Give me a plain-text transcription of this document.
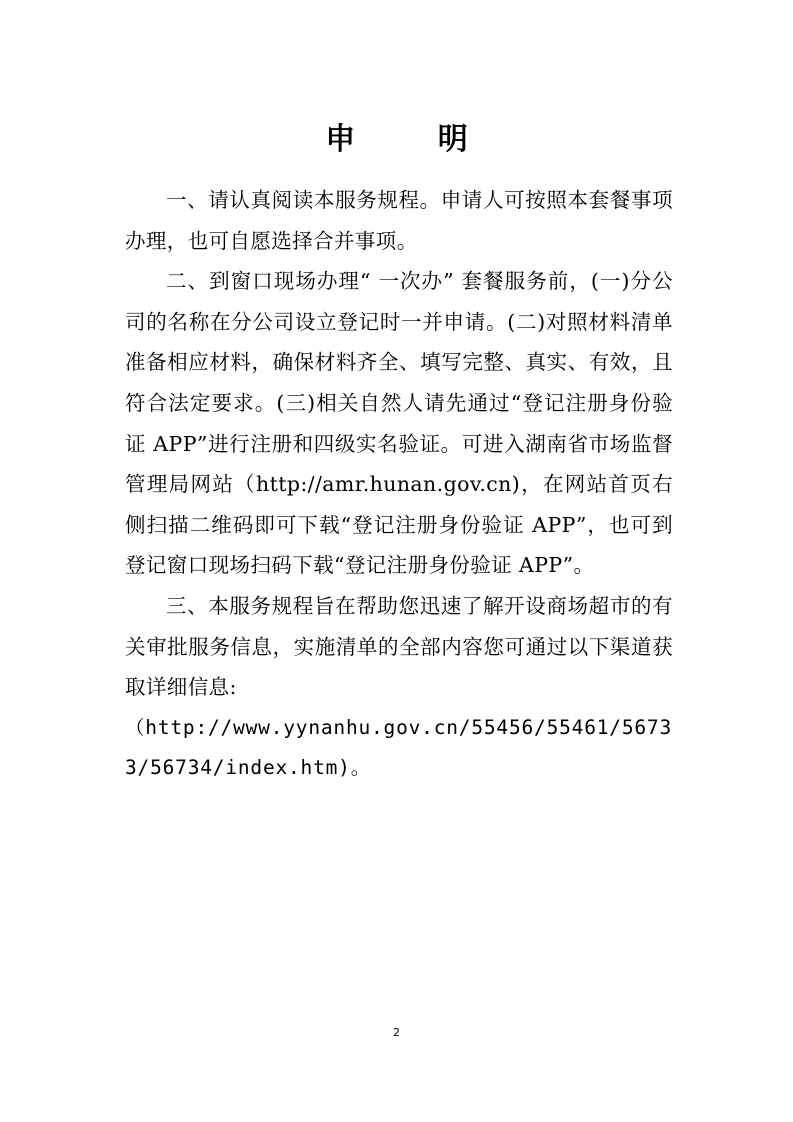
申 明

一、请认真阅读本服务规程。申请人可按照本套餐事项办理，也可自愿选择合并事项。

二、到窗口现场办理“ 一次办” 套餐服务前，(一)分公司的名称在分公司设立登记时一并申请。(二)对照材料清单准备相应材料，确保材料齐全、填写完整、真实、有效，且符合法定要求。(三)相关自然人请先通过“登记注册身份验证 APP”进行注册和四级实名验证。可进入湖南省市场监督管理局网站（http://amr.hunan.gov.cn)，在网站首页右侧扫描二维码即可下载“登记注册身份验证 APP”，也可到登记窗口现场扫码下载“登记注册身份验证 APP”。

三、本服务规程旨在帮助您迅速了解开设商场超市的有关审批服务信息，实施清单的全部内容您可通过以下渠道获取详细信息:

（http://www.yynanhu.gov.cn/55456/55461/56733/56734/index.htm)。

2
